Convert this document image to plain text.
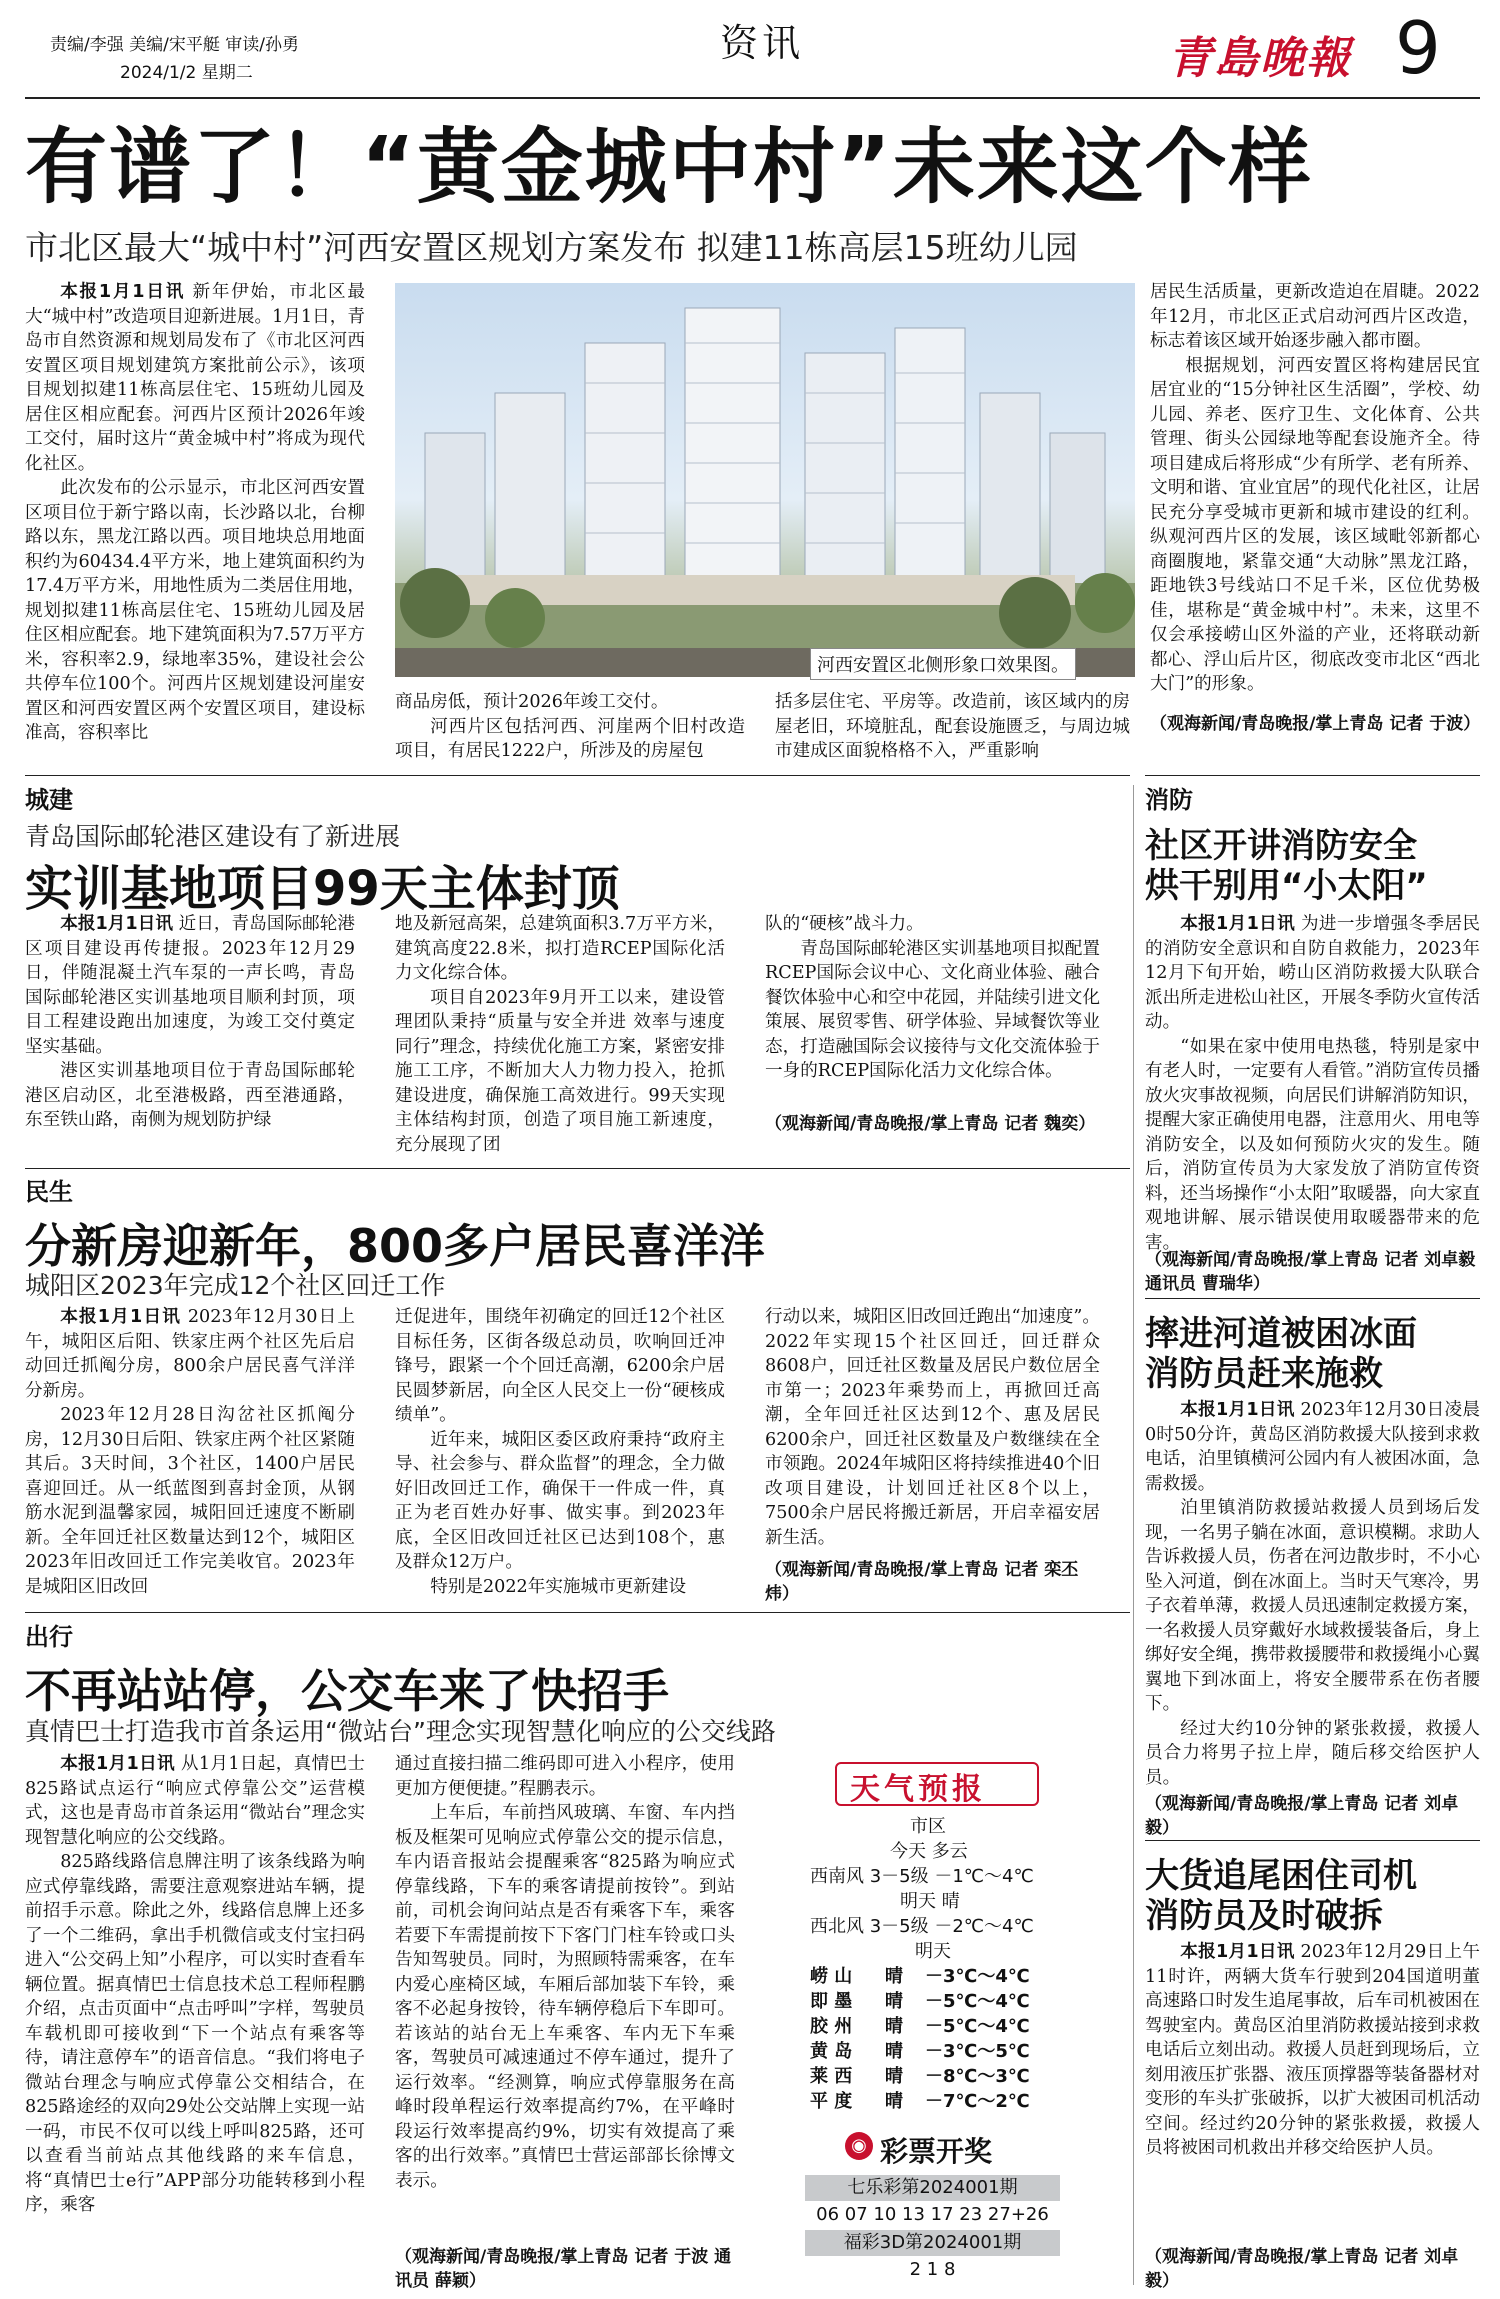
责编/李强 美编/宋平艇 审读/孙勇
2024/1/2 星期二
资讯	青島晚報 9
有谱了！“黄金城中村”未来这个样
市北区最大“城中村”河西安置区规划方案发布 拟建11栋高层15班幼儿园

本报1月1日讯 新年伊始，市北区最大“城中村”改造项目迎新进展。1月1日，青岛市自然资源和规划局发布了《市北区河西安置区项目规划建筑方案批前公示》，该项目规划拟建11栋高层住宅、15班幼儿园及居住区相应配套。河西片区预计2026年竣工交付，届时这片“黄金城中村”将成为现代化社区。

此次发布的公示显示，市北区河西安置区项目位于新宁路以南，长沙路以北，台柳路以东，黑龙江路以西。项目地块总用地面积约为60434.4平方米，地上建筑面积约为17.4万平方米，用地性质为二类居住用地，规划拟建11栋高层住宅、15班幼儿园及居住区相应配套。地下建筑面积为7.57万平方米，容积率2.9，绿地率35%，建设社会公共停车位100个。河西片区规划建设河崖安置区和河西安置区两个安置区项目，建设标准高，容积率比

河西安置区北侧形象口效果图。

商品房低，预计2026年竣工交付。

河西片区包括河西、河崖两个旧村改造项目，有居民1222户，所涉及的房屋包

括多层住宅、平房等。改造前，该区域内的房屋老旧，环境脏乱，配套设施匮乏，与周边城市建成区面貌格格不入，严重影响

居民生活质量，更新改造迫在眉睫。2022年12月，市北区正式启动河西片区改造，标志着该区域开始逐步融入都市圈。

根据规划，河西安置区将构建居民宜居宜业的“15分钟社区生活圈”，学校、幼儿园、养老、医疗卫生、文化体育、公共管理、街头公园绿地等配套设施齐全。待项目建成后将形成“少有所学、老有所养、文明和谐、宜业宜居”的现代化社区，让居民充分享受城市更新和城市建设的红利。纵观河西片区的发展，该区域毗邻新都心商圈腹地，紧靠交通“大动脉”黑龙江路，距地铁3号线站口不足千米，区位优势极佳，堪称是“黄金城中村”。未来，这里不仅会承接崂山区外溢的产业，还将联动新都心、浮山后片区，彻底改变市北区“西北大门”的形象。

（观海新闻/青岛晚报/掌上青岛 记者 于波）
城建
青岛国际邮轮港区建设有了新进展
实训基地项目99天主体封顶

本报1月1日讯 近日，青岛国际邮轮港区项目建设再传捷报。2023年12月29日，伴随混凝土汽车泵的一声长鸣，青岛国际邮轮港区实训基地项目顺利封顶，项目工程建设跑出加速度，为竣工交付奠定坚实基础。

港区实训基地项目位于青岛国际邮轮港区启动区，北至港极路，西至港通路，东至铁山路，南侧为规划防护绿

地及新冠高架，总建筑面积3.7万平方米，建筑高度22.8米，拟打造RCEP国际化活力文化综合体。

项目自2023年9月开工以来，建设管理团队秉持“质量与安全并进 效率与速度同行”理念，持续优化施工方案，紧密安排施工工序，不断加大人力物力投入，抢抓建设进度，确保施工高效进行。99天实现主体结构封顶，创造了项目施工新速度，充分展现了团

队的“硬核”战斗力。

青岛国际邮轮港区实训基地项目拟配置RCEP国际会议中心、文化商业体验、融合餐饮体验中心和空中花园，并陆续引进文化策展、展贸零售、研学体验、异域餐饮等业态，打造融国际会议接待与文化交流体验于一身的RCEP国际化活力文化综合体。

（观海新闻/青岛晚报/掌上青岛 记者 魏奕）
消防
社区开讲消防安全
烘干别用“小太阳”

本报1月1日讯 为进一步增强冬季居民的消防安全意识和自防自救能力，2023年12月下旬开始，崂山区消防救援大队联合派出所走进松山社区，开展冬季防火宣传活动。

“如果在家中使用电热毯，特别是家中有老人时，一定要有人看管。”消防宣传员播放火灾事故视频，向居民们讲解消防知识，提醒大家正确使用电器，注意用火、用电等消防安全，以及如何预防火灾的发生。随后，消防宣传员为大家发放了消防宣传资料，还当场操作“小太阳”取暖器，向大家直观地讲解、展示错误使用取暖器带来的危害。

（观海新闻/青岛晚报/掌上青岛 记者 刘卓毅 通讯员 曹瑞华）
民生
分新房迎新年，800多户居民喜洋洋
城阳区2023年完成12个社区回迁工作

本报1月1日讯 2023年12月30日上午，城阳区后阳、铁家庄两个社区先后启动回迁抓阄分房，800余户居民喜气洋洋分新房。

2023年12月28日沟岔社区抓阄分房，12月30日后阳、铁家庄两个社区紧随其后。3天时间，3个社区，1400户居民喜迎回迁。从一纸蓝图到喜封金顶，从钢筋水泥到温馨家园，城阳回迁速度不断刷新。全年回迁社区数量达到12个，城阳区2023年旧改回迁工作完美收官。2023年是城阳区旧改回

迁促进年，围绕年初确定的回迁12个社区目标任务，区街各级总动员，吹响回迁冲锋号，跟紧一个个回迁高潮，6200余户居民圆梦新居，向全区人民交上一份“硬核成绩单”。

近年来，城阳区委区政府秉持“政府主导、社会参与、群众监督”的理念，全力做好旧改回迁工作，确保干一件成一件，真正为老百姓办好事、做实事。到2023年底，全区旧改回迁社区已达到108个，惠及群众12万户。

特别是2022年实施城市更新建设

行动以来，城阳区旧改回迁跑出“加速度”。2022年实现15个社区回迁，回迁群众8608户，回迁社区数量及居民户数位居全市第一；2023年乘势而上，再掀回迁高潮，全年回迁社区达到12个、惠及居民6200余户，回迁社区数量及户数继续在全市领跑。2024年城阳区将持续推进40个旧改项目建设，计划回迁社区8个以上，7500余户居民将搬迁新居，开启幸福安居新生活。

（观海新闻/青岛晚报/掌上青岛 记者 栾丕炜）
摔进河道被困冰面
消防员赶来施救

本报1月1日讯 2023年12月30日凌晨0时50分许，黄岛区消防救援大队接到求救电话，泊里镇横河公园内有人被困冰面，急需救援。

泊里镇消防救援站救援人员到场后发现，一名男子躺在冰面，意识模糊。求助人告诉救援人员，伤者在河边散步时，不小心坠入河道，倒在冰面上。当时天气寒冷，男子衣着单薄，救援人员迅速制定救援方案，一名救援人员穿戴好水域救援装备后，身上绑好安全绳，携带救援腰带和救援绳小心翼翼地下到冰面上，将安全腰带系在伤者腰下。

经过大约10分钟的紧张救援，救援人员合力将男子拉上岸，随后移交给医护人员。

（观海新闻/青岛晚报/掌上青岛 记者 刘卓毅）
出行
不再站站停，公交车来了快招手
真情巴士打造我市首条运用“微站台”理念实现智慧化响应的公交线路

本报1月1日讯 从1月1日起，真情巴士825路试点运行“响应式停靠公交”运营模式，这也是青岛市首条运用“微站台”理念实现智慧化响应的公交线路。

825路线路信息牌注明了该条线路为响应式停靠线路，需要注意观察进站车辆，提前招手示意。除此之外，线路信息牌上还多了一个二维码，拿出手机微信或支付宝扫码进入“公交码上知”小程序，可以实时查看车辆位置。据真情巴士信息技术总工程师程鹏介绍，点击页面中“点击呼叫”字样，驾驶员车载机即可接收到“下一个站点有乘客等待，请注意停车”的语音信息。“我们将电子微站台理念与响应式停靠公交相结合，在825路途经的双向29处公交站牌上实现一站一码，市民不仅可以线上呼叫825路，还可以查看当前站点其他线路的来车信息，将“真情巴士e行”APP部分功能转移到小程序，乘客

通过直接扫描二维码即可进入小程序，使用更加方便便捷。”程鹏表示。

上车后，车前挡风玻璃、车窗、车内挡板及框架可见响应式停靠公交的提示信息，车内语音报站会提醒乘客“825路为响应式停靠线路，下车的乘客请提前按铃”。到站前，司机会询问站点是否有乘客下车，乘客若要下车需提前按下下客门门柱车铃或口头告知驾驶员。同时，为照顾特需乘客，在车内爱心座椅区域，车厢后部加装下车铃，乘客不必起身按铃，待车辆停稳后下车即可。若该站的站台无上车乘客、车内无下车乘客，驾驶员可减速通过不停车通过，提升了运行效率。“经测算，响应式停靠服务在高峰时段单程运行效率提高约7%，在平峰时段运行效率提高约9%，切实有效提高了乘客的出行效率。”真情巴士营运部部长徐博文表示。

（观海新闻/青岛晚报/掌上青岛 记者 于波 通讯员 薛颖）
天气预报
市区
今天 多云
西南风 3－5级 －1℃～4℃
明天 晴
西北风 3－5级 －2℃～4℃
明天
崂 山 晴 －3℃～4℃
即 墨 晴 －5℃～4℃
胶 州 晴 －5℃～4℃
黄 岛 晴 －3℃～5℃
莱 西 晴 －8℃～3℃
平 度 晴 －7℃～2℃
◉ 彩票开奖
七乐彩第2024001期
06 07 10 13 17 23 27+26
福彩3D第2024001期
2 1 8
大货追尾困住司机
消防员及时破拆

本报1月1日讯 2023年12月29日上午11时许，两辆大货车行驶到204国道明董高速路口时发生追尾事故，后车司机被困在驾驶室内。黄岛区泊里消防救援站接到求救电话后立刻出动。救援人员赶到现场后，立刻用液压扩张器、液压顶撑器等装备器材对变形的车头扩张破拆，以扩大被困司机活动空间。经过约20分钟的紧张救援，救援人员将被困司机救出并移交给医护人员。

（观海新闻/青岛晚报/掌上青岛 记者 刘卓毅）
